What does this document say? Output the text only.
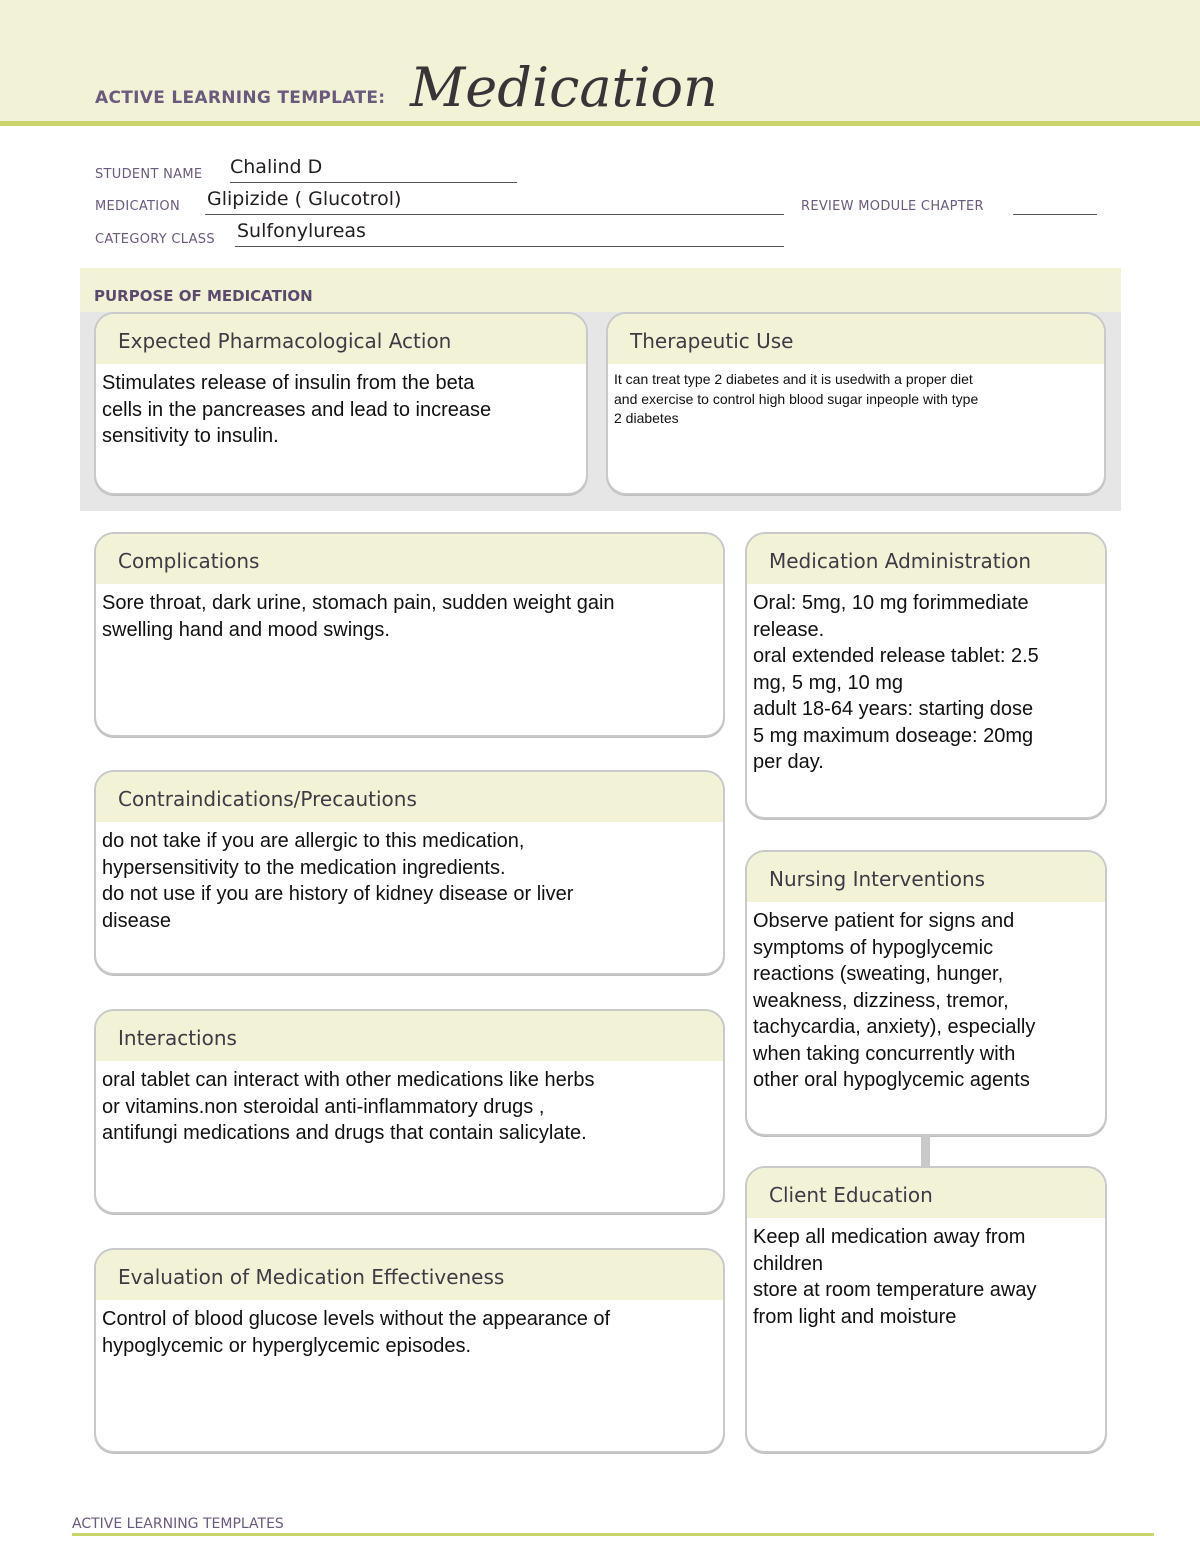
ACTIVE LEARNING TEMPLATE: Medication
STUDENT NAME Chalind D
MEDICATION Glipizide ( Glucotrol)	REVIEW MODULE CHAPTER
CATEGORY CLASS Sulfonylureas
PURPOSE OF MEDICATION
Expected Pharmacological Action
Stimulates release of insulin from the beta
cells in the pancreases and lead to increase
sensitivity to insulin.
Therapeutic Use
It can treat type 2 diabetes and it is usedwith a proper diet
and exercise to control high blood sugar inpeople with type
2 diabetes
Complications
Sore throat, dark urine, stomach pain, sudden weight gain
swelling hand and mood swings.
Contraindications/Precautions
do not take if you are allergic to this medication,
hypersensitivity to the medication ingredients.
do not use if you are history of kidney disease or liver
disease
Interactions
oral tablet can interact with other medications like herbs
or vitamins.non steroidal anti-inflammatory drugs ,
antifungi medications and drugs that contain salicylate.
Evaluation of Medication Effectiveness
Control of blood glucose levels without the appearance of
hypoglycemic or hyperglycemic episodes.
Medication Administration
Oral: 5mg, 10 mg forimmediate
release.
oral extended release tablet: 2.5
mg, 5 mg, 10 mg
adult 18-64 years: starting dose
5 mg maximum doseage: 20mg
per day.
Nursing Interventions
Observe patient for signs and
symptoms of hypoglycemic
reactions (sweating, hunger,
weakness, dizziness, tremor,
tachycardia, anxiety), especially
when taking concurrently with
other oral hypoglycemic agents
Client Education
Keep all medication away from
children
store at room temperature away
from light and moisture
ACTIVE LEARNING TEMPLATES
